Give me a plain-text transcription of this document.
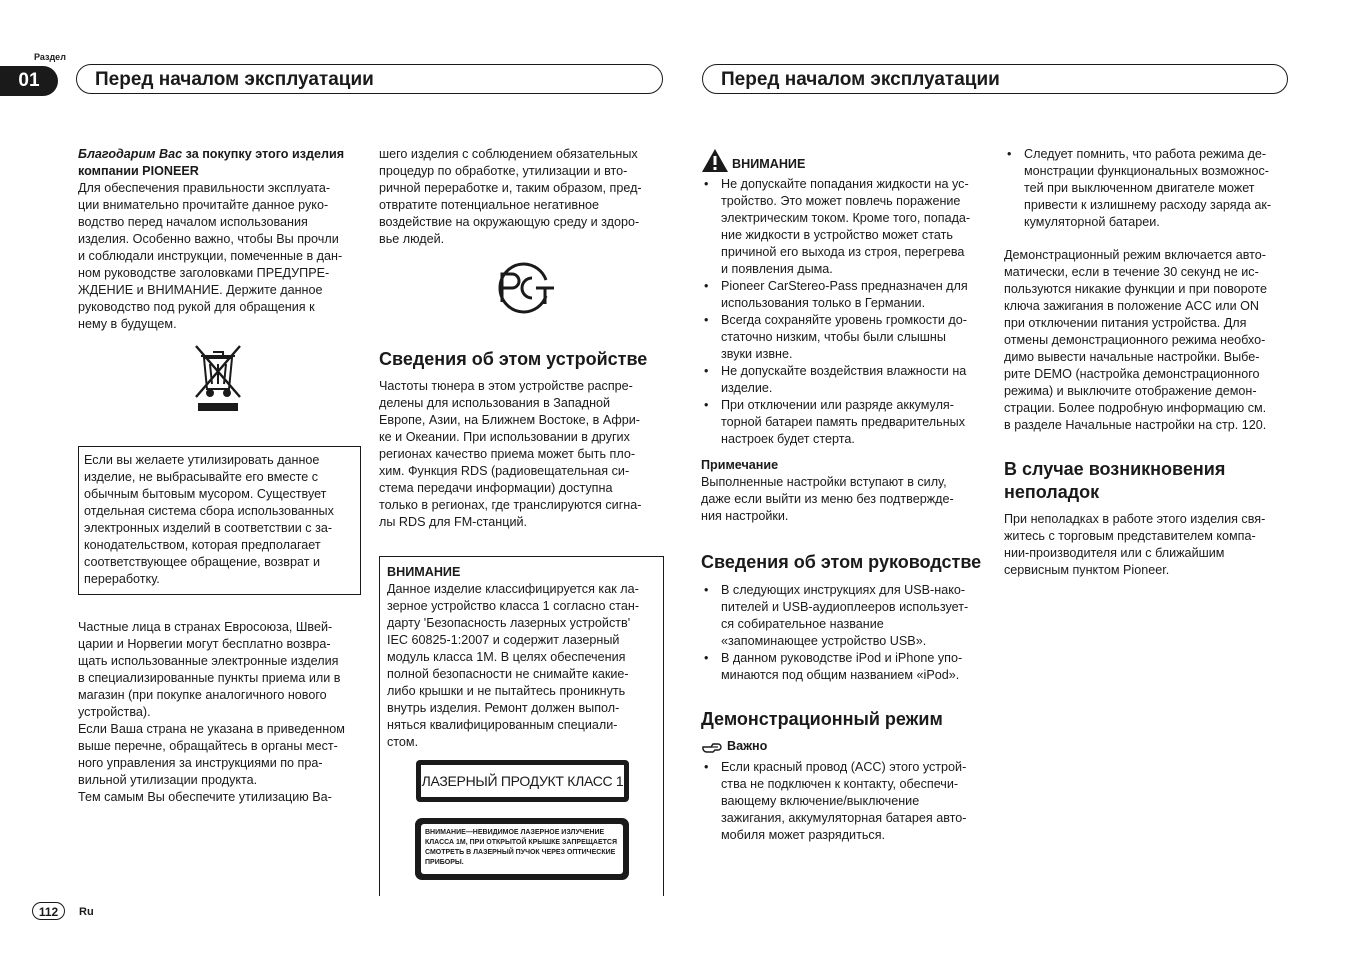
Раздел
01	Перед началом эксплуатации	Перед началом эксплуатации
Благодарим Вас за покупку этого изделия
компании PIONEER
Для обеспечения правильности эксплуата-
ции внимательно прочитайте данное руко-
водство перед началом использования
изделия. Особенно важно, чтобы Вы прочли
и соблюдали инструкции, помеченные в дан-
ном руководстве заголовками ПРЕДУПРЕ-
ЖДЕНИЕ и ВНИМАНИЕ. Держите данное
руководство под рукой для обращения к
нему в будущем.
Если вы желаете утилизировать данное
изделие, не выбрасывайте его вместе с
обычным бытовым мусором. Существует
отдельная система сбора использованных
электронных изделий в соответствии с за-
конодательством, которая предполагает
соответствующее обращение, возврат и
переработку.
Частные лица в странах Евросоюза, Швей-
царии и Норвегии могут бесплатно возвра-
щать использованные электронные изделия
в специализированные пункты приема или в
магазин (при покупке аналогичного нового
устройства).
Если Ваша страна не указана в приведенном
выше перечне, обращайтесь в органы мест-
ного управления за инструкциями по пра-
вильной утилизации продукта.
Тем самым Вы обеспечите утилизацию Ва-
шего изделия с соблюдением обязательных
процедур по обработке, утилизации и вто-
ричной переработке и, таким образом, пред-
отвратите потенциальное негативное
воздействие на окружающую среду и здоро-
вье людей.
Сведения об этом устройстве
Частоты тюнера в этом устройстве распре-
делены для использования в Западной
Европе, Азии, на Ближнем Востоке, в Афри-
ке и Океании. При использовании в других
регионах качество приема может быть пло-
хим. Функция RDS (радиовещательная си-
стема передачи информации) доступна
только в регионах, где транслируются сигна-
лы RDS для FM-станций.
ВНИМАНИЕ
Данное изделие классифицируется как ла-
зерное устройство класса 1 согласно стан-
дарту 'Безопасность лазерных устройств'
IEC 60825-1:2007 и содержит лазерный
модуль класса 1M. В целях обеспечения
полной безопасности не снимайте какие-
либо крышки и не пытайтесь проникнуть
внутрь изделия. Ремонт должен выпол-
няться квалифицированным специали-
стом.
ЛАЗЕРНЫЙ ПРОДУКТ КЛАСС 1
ВНИМАНИЕ—НЕВИДИМОЕ ЛАЗЕРНОЕ ИЗЛУЧЕНИЕ
КЛАССА 1M, ПРИ ОТКРЫТОЙ КРЫШКЕ ЗАПРЕЩАЕТСЯ
СМОТРЕТЬ В ЛАЗЕРНЫЙ ПУЧОК ЧЕРЕЗ ОПТИЧЕСКИЕ
ПРИБОРЫ.
ВНИМАНИЕ
• Не допускайте попадания жидкости на ус-
тройство. Это может повлечь поражение
электрическим током. Кроме того, попада-
ние жидкости в устройство может стать
причиной его выхода из строя, перегрева
и появления дыма.
• Pioneer CarStereo-Pass предназначен для
использования только в Германии.
• Всегда сохраняйте уровень громкости до-
статочно низким, чтобы были слышны
звуки извне.
• Не допускайте воздействия влажности на
изделие.
• При отключении или разряде аккумуля-
торной батареи память предварительных
настроек будет стерта.
Примечание
Выполненные настройки вступают в силу,
даже если выйти из меню без подтвержде-
ния настройки.
Сведения об этом руководстве
• В следующих инструкциях для USB-нако-
пителей и USB-аудиоплееров использует-
ся собирательное название
«запоминающее устройство USB».
• В данном руководстве iPod и iPhone упо-
минаются под общим названием «iPod».
Демонстрационный режим
Важно
• Если красный провод (ACC) этого устрой-
ства не подключен к контакту, обеспечи-
вающему включение/выключение
зажигания, аккумуляторная батарея авто-
мобиля может разрядиться.
• Следует помнить, что работа режима де-
монстрации функциональных возможнос-
тей при выключенном двигателе может
привести к излишнему расходу заряда ак-
кумуляторной батареи.
Демонстрационный режим включается авто-
матически, если в течение 30 секунд не ис-
пользуются никакие функции и при повороте
ключа зажигания в положение ACC или ON
при отключении питания устройства. Для
отмены демонстрационного режима необхо-
димо вывести начальные настройки. Выбе-
рите DEMO (настройка демонстрационного
режима) и выключите отображение демон-
страции. Более подробную информацию см.
в разделе Начальные настройки на стр. 120.
В случае возникновения
неполадок
При неполадках в работе этого изделия свя-
житесь с торговым представителем компа-
нии-производителя или с ближайшим
сервисным пунктом Pioneer.
112	Ru
